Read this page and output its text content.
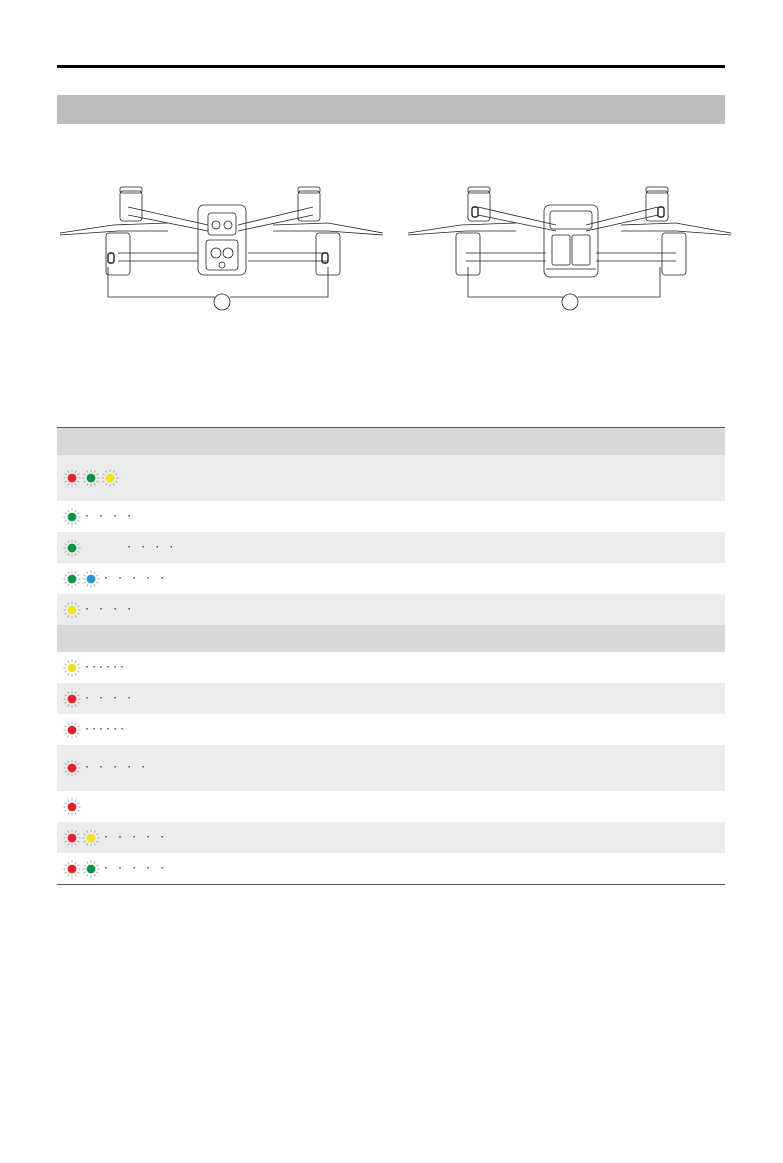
· · · ·
· · · ·
· · · · ·
· · · ·
······
· · · ·
······
· · · · ·
· · · · ·
· · · · ·
